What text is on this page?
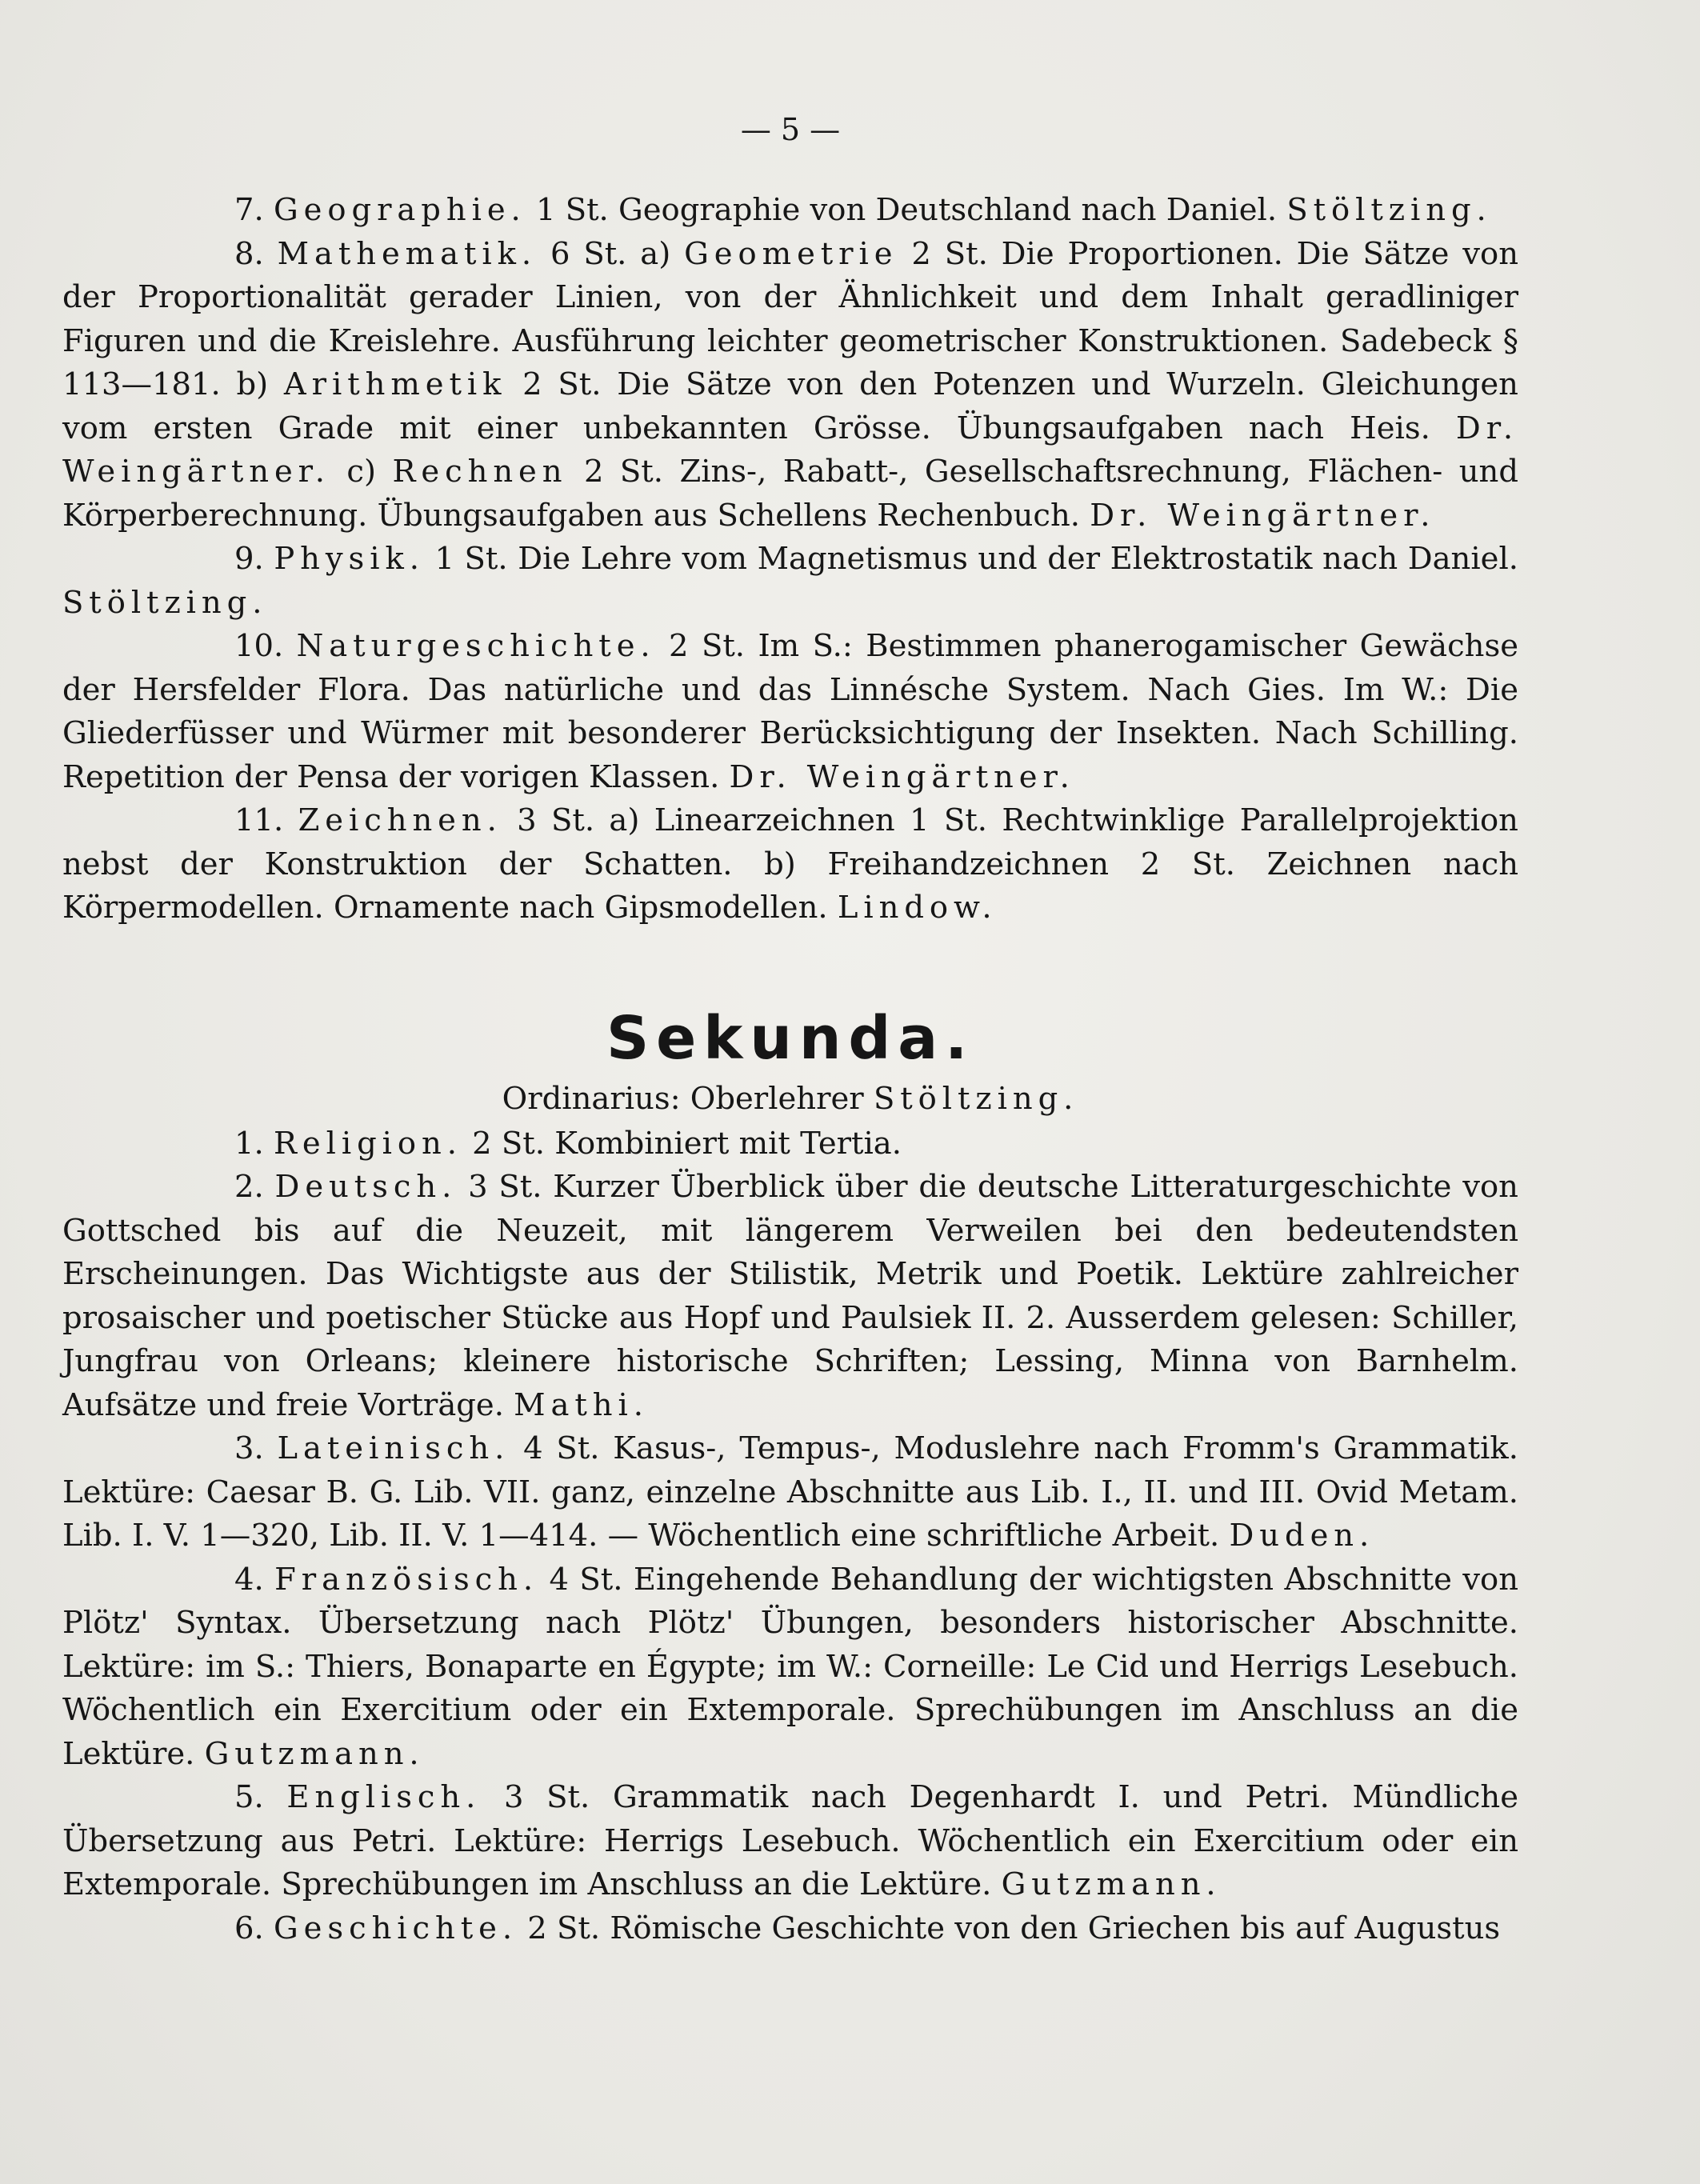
— 5 —

7. Geographie. 1 St. Geographie von Deutschland nach Daniel. Stöltzing.

8. Mathematik. 6 St. a) Geometrie 2 St. Die Proportionen. Die Sätze von der Proportionalität gerader Linien, von der Ähnlichkeit und dem Inhalt geradliniger Figuren und die Kreislehre. Ausführung leichter geometrischer Konstruktionen. Sadebeck § 113—181. b) Arithmetik 2 St. Die Sätze von den Potenzen und Wurzeln. Gleichungen vom ersten Grade mit einer unbekannten Grösse. Übungsaufgaben nach Heis. Dr. Weingärtner. c) Rechnen 2 St. Zins-, Rabatt-, Gesellschaftsrechnung, Flächen- und Körperberechnung. Übungsaufgaben aus Schellens Rechenbuch. Dr. Weingärtner.

9. Physik. 1 St. Die Lehre vom Magnetismus und der Elektrostatik nach Daniel. Stöltzing.

10. Naturgeschichte. 2 St. Im S.: Bestimmen phanerogamischer Gewächse der Hersfelder Flora. Das natürliche und das Linnésche System. Nach Gies. Im W.: Die Gliederfüsser und Würmer mit besonderer Berücksichtigung der Insekten. Nach Schilling. Repetition der Pensa der vorigen Klassen. Dr. Weingärtner.

11. Zeichnen. 3 St. a) Linearzeichnen 1 St. Rechtwinklige Parallelprojektion nebst der Konstruktion der Schatten. b) Freihandzeichnen 2 St. Zeichnen nach Körpermodellen. Ornamente nach Gipsmodellen. Lindow.

Sekunda.
Ordinarius: Oberlehrer Stöltzing.

1. Religion. 2 St. Kombiniert mit Tertia.

2. Deutsch. 3 St. Kurzer Überblick über die deutsche Litteraturgeschichte von Gottsched bis auf die Neuzeit, mit längerem Verweilen bei den bedeutendsten Erscheinungen. Das Wichtigste aus der Stilistik, Metrik und Poetik. Lektüre zahlreicher prosaischer und poetischer Stücke aus Hopf und Paulsiek II. 2. Ausserdem gelesen: Schiller, Jungfrau von Orleans; kleinere historische Schriften; Lessing, Minna von Barnhelm. Aufsätze und freie Vorträge. Mathi.

3. Lateinisch. 4 St. Kasus-, Tempus-, Moduslehre nach Fromm's Grammatik. Lektüre: Caesar B. G. Lib. VII. ganz, einzelne Abschnitte aus Lib. I., II. und III. Ovid Metam. Lib. I. V. 1—320, Lib. II. V. 1—414. — Wöchentlich eine schriftliche Arbeit. Duden.

4. Französisch. 4 St. Eingehende Behandlung der wichtigsten Abschnitte von Plötz' Syntax. Übersetzung nach Plötz' Übungen, besonders historischer Abschnitte. Lektüre: im S.: Thiers, Bonaparte en Égypte; im W.: Corneille: Le Cid und Herrigs Lesebuch. Wöchentlich ein Exercitium oder ein Extemporale. Sprechübungen im Anschluss an die Lektüre. Gutzmann.

5. Englisch. 3 St. Grammatik nach Degenhardt I. und Petri. Mündliche Übersetzung aus Petri. Lektüre: Herrigs Lesebuch. Wöchentlich ein Exercitium oder ein Extemporale. Sprechübungen im Anschluss an die Lektüre. Gutzmann.

6. Geschichte. 2 St. Römische Geschichte von den Griechen bis auf Augustus
